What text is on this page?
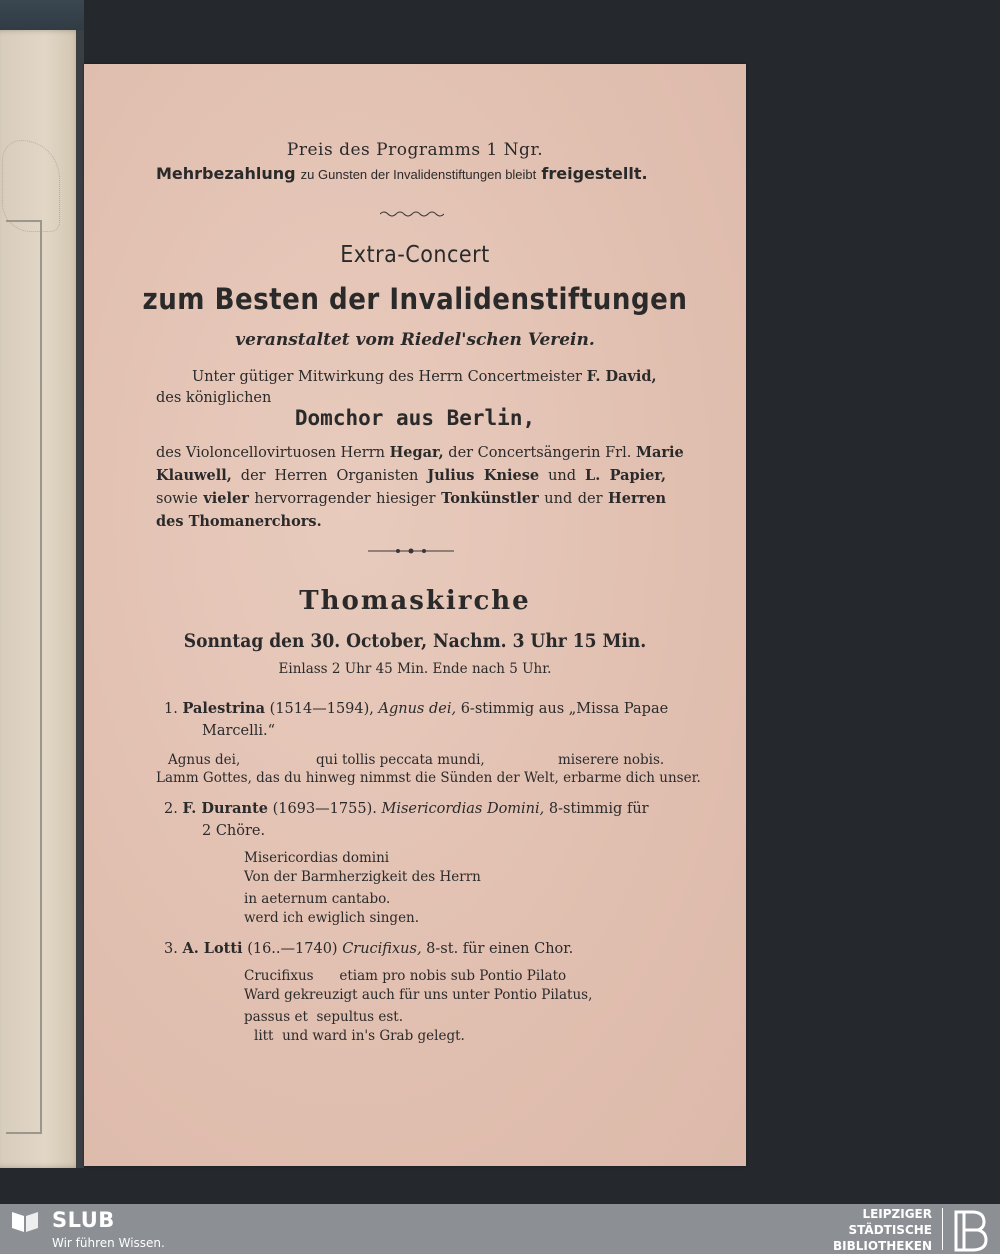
Preis des Programms 1 Ngr.
Mehrbezahlung zu Gunsten der Invalidenstiftungen bleibt freigestellt.
Extra-Concert
zum Besten der Invalidenstiftungen
veranstaltet vom Riedel'schen Verein.
Unter gütiger Mitwirkung des Herrn Concertmeister F. David,
des königlichen
Domchor aus Berlin,
des Violoncellovirtuosen Herrn Hegar, der Concertsängerin Frl. Marie
Klauwell, der Herren Organisten Julius Kniese und L. Papier,
sowie vieler hervorragender hiesiger Tonkünstler und der Herren
des Thomanerchors.
Thomaskirche
Sonntag den 30. October, Nachm. 3 Uhr 15 Min.
Einlass 2 Uhr 45 Min. Ende nach 5 Uhr.
1. Palestrina (1514—1594), Agnus dei, 6-stimmig aus „Missa Papae
Marcelli.“
Agnus dei,	qui tollis peccata mundi,	miserere nobis.
Lamm Gottes, das du hinweg nimmst die Sünden der Welt, erbarme dich unser.
2. F. Durante (1693—1755). Misericordias Domini, 8-stimmig für
2 Chöre.
Misericordias domini
Von der Barmherzigkeit des Herrn
in aeternum cantabo.
werd ich ewiglich singen.
3. A. Lotti (16..—1740) Crucifixus, 8-st. für einen Chor.
Crucifixus      etiam pro nobis sub Pontio Pilato
Ward gekreuzigt auch für uns unter Pontio Pilatus,
passus et  sepultus est.
litt  und ward in's Grab gelegt.
SLUB
Wir führen Wissen.
LEIPZIGER
STÄDTISCHE
BIBLIOTHEKEN
